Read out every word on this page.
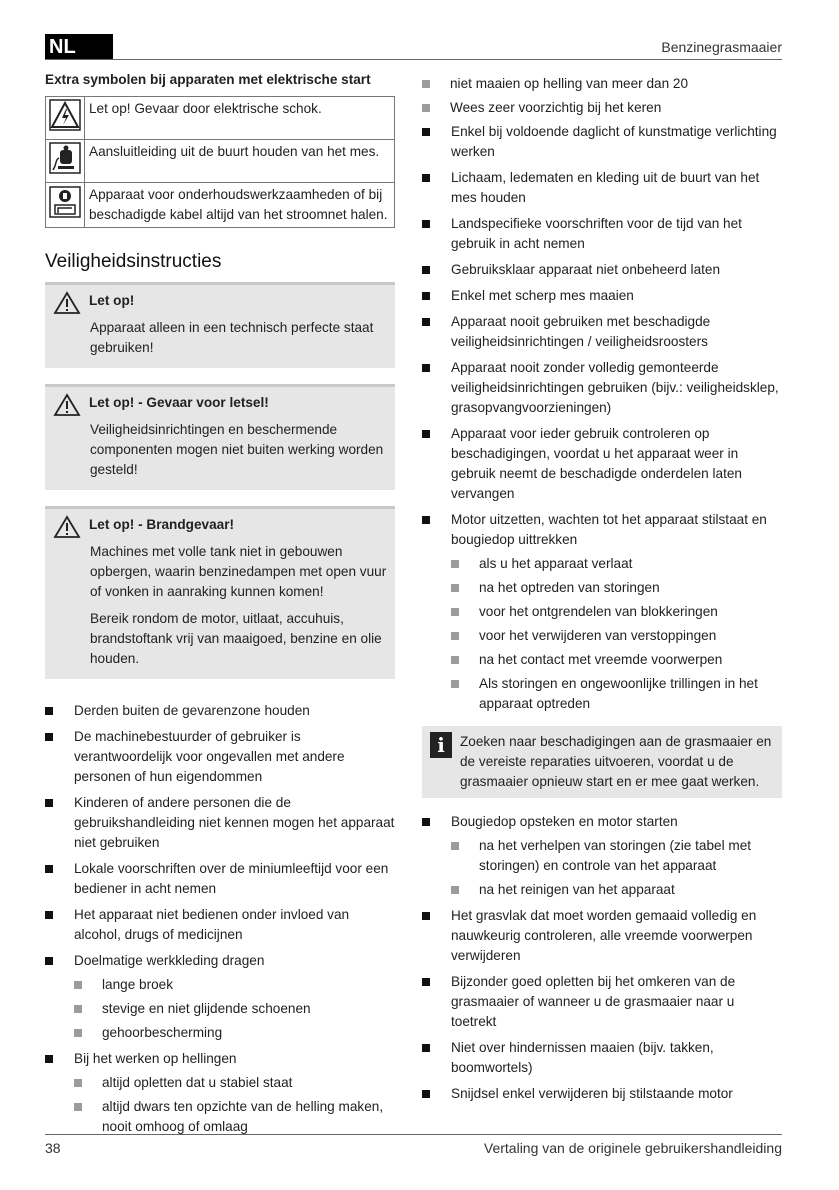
NL	Benzinegrasmaaier
Extra symbolen bij apparaten met elektrische start
	Let op! Gevaar door elektrische schok.
	Aansluitleiding uit de buurt houden van het mes.
	Apparaat voor onderhoudswerkzaamheden of bij beschadigde kabel altijd van het stroomnet halen.
Veiligheidsinstructies
Let op!

Apparaat alleen in een technisch perfecte staat gebruiken!

Let op! - Gevaar voor letsel!

Veiligheidsinrichtingen en beschermende componenten mogen niet buiten werking worden gesteld!

Let op! - Brandgevaar!

Machines met volle tank niet in gebouwen opbergen, waarin benzinedampen met open vuur of vonken in aanraking kunnen komen!

Bereik rondom de motor, uitlaat, accuhuis, brandstoftank vrij van maaigoed, benzine en olie houden.

Derden buiten de gevarenzone houden
De machinebestuurder of gebruiker is verantwoordelijk voor ongevallen met andere personen of hun eigendommen
Kinderen of andere personen die de gebruikshandleiding niet kennen mogen het apparaat niet gebruiken
Lokale voorschriften over de miniumleeftijd voor een bediener in acht nemen
Het apparaat niet bedienen onder invloed van alcohol, drugs of medicijnen
Doelmatige werkkleding dragen
lange broek
stevige en niet glijdende schoenen
gehoorbescherming
Bij het werken op hellingen
altijd opletten dat u stabiel staat
altijd dwars ten opzichte van de helling maken, nooit omhoog of omlaag
niet maaien op helling van meer dan 20
Wees zeer voorzichtig bij het keren
Enkel bij voldoende daglicht of kunstmatige verlichting werken
Lichaam, ledematen en kleding uit de buurt van het mes houden
Landspecifieke voorschriften voor de tijd van het gebruik in acht nemen
Gebruiksklaar apparaat niet onbeheerd laten
Enkel met scherp mes maaien
Apparaat nooit gebruiken met beschadigde veiligheidsinrichtingen / veiligheidsroosters
Apparaat nooit zonder volledig gemonteerde veiligheidsinrichtingen gebruiken (bijv.: veiligheidsklep, grasopvangvoorzieningen)
Apparaat voor ieder gebruik controleren op beschadigingen, voordat u het apparaat weer in gebruik neemt de beschadigde onderdelen laten vervangen
Motor uitzetten, wachten tot het apparaat stilstaat en bougiedop uittrekken
als u het apparaat verlaat
na het optreden van storingen
voor het ontgrendelen van blokkeringen
voor het verwijderen van verstoppingen
na het contact met vreemde voorwerpen
Als storingen en ongewoonlijke trillingen in het apparaat optreden
i	Zoeken naar beschadigingen aan de grasmaaier en de vereiste reparaties uitvoeren, voordat u de grasmaaier opnieuw start en er mee gaat werken.
Bougiedop opsteken en motor starten
na het verhelpen van storingen (zie tabel met storingen) en controle van het apparaat
na het reinigen van het apparaat
Het grasvlak dat moet worden gemaaid volledig en nauwkeurig controleren, alle vreemde voorwerpen verwijderen
Bijzonder goed opletten bij het omkeren van de grasmaaier of wanneer u de grasmaaier naar u toetrekt
Niet over hindernissen maaien (bijv. takken, boomwortels)
Snijdsel enkel verwijderen bij stilstaande motor
38	Vertaling van de originele gebruikershandleiding
